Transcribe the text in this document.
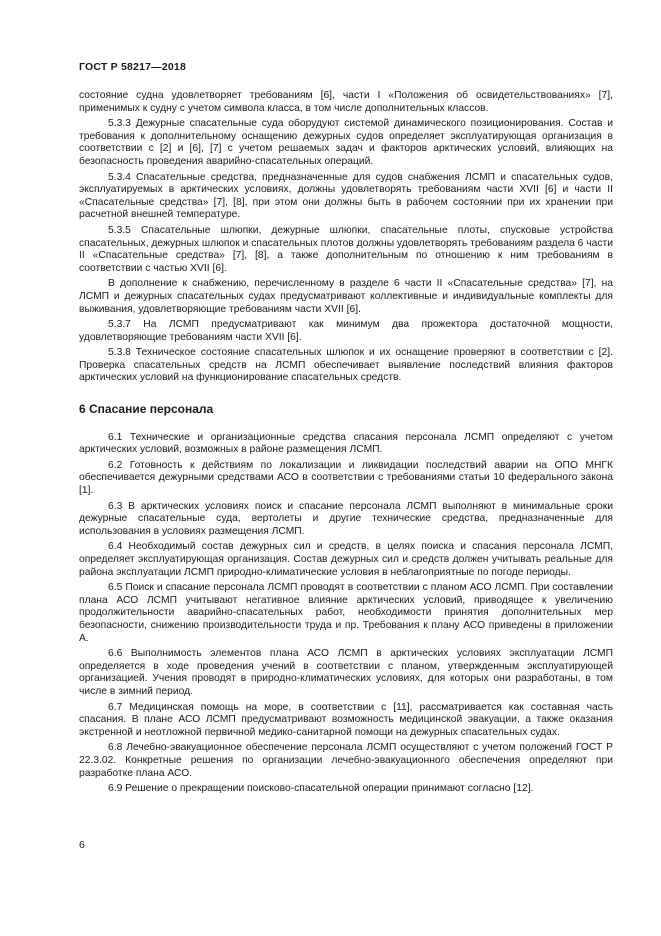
ГОСТ Р 58217—2018

состояние судна удовлетворяет требованиям [6], части I «Положения об освидетельствованиях» [7], применимых к судну с учетом символа класса, в том числе дополнительных классов.

5.3.3 Дежурные спасательные суда оборудуют системой динамического позиционирования. Состав и требования к дополнительному оснащению дежурных судов определяет эксплуатирующая организация в соответствии с [2] и [6], [7] с учетом решаемых задач и факторов арктических условий, влияющих на безопасность проведения аварийно-спасательных операций.

5.3.4 Спасательные средства, предназначенные для судов снабжения ЛСМП и спасательных судов, эксплуатируемых в арктических условиях, должны удовлетворять требованиям части XVII [6] и части II «Спасательные средства» [7], [8], при этом они должны быть в рабочем состоянии при их хранении при расчетной внешней температуре.

5.3.5 Спасательные шлюпки, дежурные шлюпки, спасательные плоты, спусковые устройства спасательных, дежурных шлюпок и спасательных плотов должны удовлетворять требованиям раздела 6 части II «Спасательные средства» [7], [8], а также дополнительным по отношению к ним требованиям в соответствии с частью XVII [6].

В дополнение к снабжению, перечисленному в разделе 6 части II «Спасательные средства» [7], на ЛСМП и дежурных спасательных судах предусматривают коллективные и индивидуальные комплекты для выживания, удовлетворяющие требованиям части XVII [6].

5.3.7 На ЛСМП предусматривают как минимум два прожектора достаточной мощности, удовлетворяющие требованиям части XVII [6].

5.3.8 Техническое состояние спасательных шлюпок и их оснащение проверяют в соответствии с [2]. Проверка спасательных средств на ЛСМП обеспечивает выявление последствий влияния факторов арктических условий на функционирование спасательных средств.

6 Спасание персонала

6.1 Технические и организационные средства спасания персонала ЛСМП определяют с учетом арктических условий, возможных в районе размещения ЛСМП.

6.2 Готовность к действиям по локализации и ликвидации последствий аварии на ОПО МНГК обеспечивается дежурными средствами АСО в соответствии с требованиями статьи 10 федерального закона [1].

6.3 В арктических условиях поиск и спасание персонала ЛСМП выполняют в минимальные сроки дежурные спасательные суда, вертолеты и другие технические средства, предназначенные для использования в условиях размещения ЛСМП.

6.4 Необходимый состав дежурных сил и средств, в целях поиска и спасания персонала ЛСМП, определяет эксплуатирующая организация. Состав дежурных сил и средств должен учитывать реальные для района эксплуатации ЛСМП природно-климатические условия в неблагоприятные по погоде периоды.

6.5 Поиск и спасание персонала ЛСМП проводят в соответствии с планом АСО ЛСМП. При составлении плана АСО ЛСМП учитывают негативное влияние арктических условий, приводящее к увеличению продолжительности аварийно-спасательных работ, необходимости принятия дополнительных мер безопасности, снижению производительности труда и пр. Требования к плану АСО приведены в приложении А.

6.6 Выполнимость элементов плана АСО ЛСМП в арктических условиях эксплуатации ЛСМП определяется в ходе проведения учений в соответствии с планом, утвержденным эксплуатирующей организацией. Учения проводят в природно-климатических условиях, для которых они разработаны, в том числе в зимний период.

6.7 Медицинская помощь на море, в соответствии с [11], рассматривается как составная часть спасания. В плане АСО ЛСМП предусматривают возможность медицинской эвакуации, а также оказания экстренной и неотложной первичной медико-санитарной помощи на дежурных спасательных судах.

6.8 Лечебно-эвакуационное обеспечение персонала ЛСМП осуществляют с учетом положений ГОСТ Р 22.3.02. Конкретные решения по организации лечебно-эвакуационного обеспечения определяют при разработке плана АСО.

6.9 Решение о прекращении поисково-спасательной операции принимают согласно [12].

6
